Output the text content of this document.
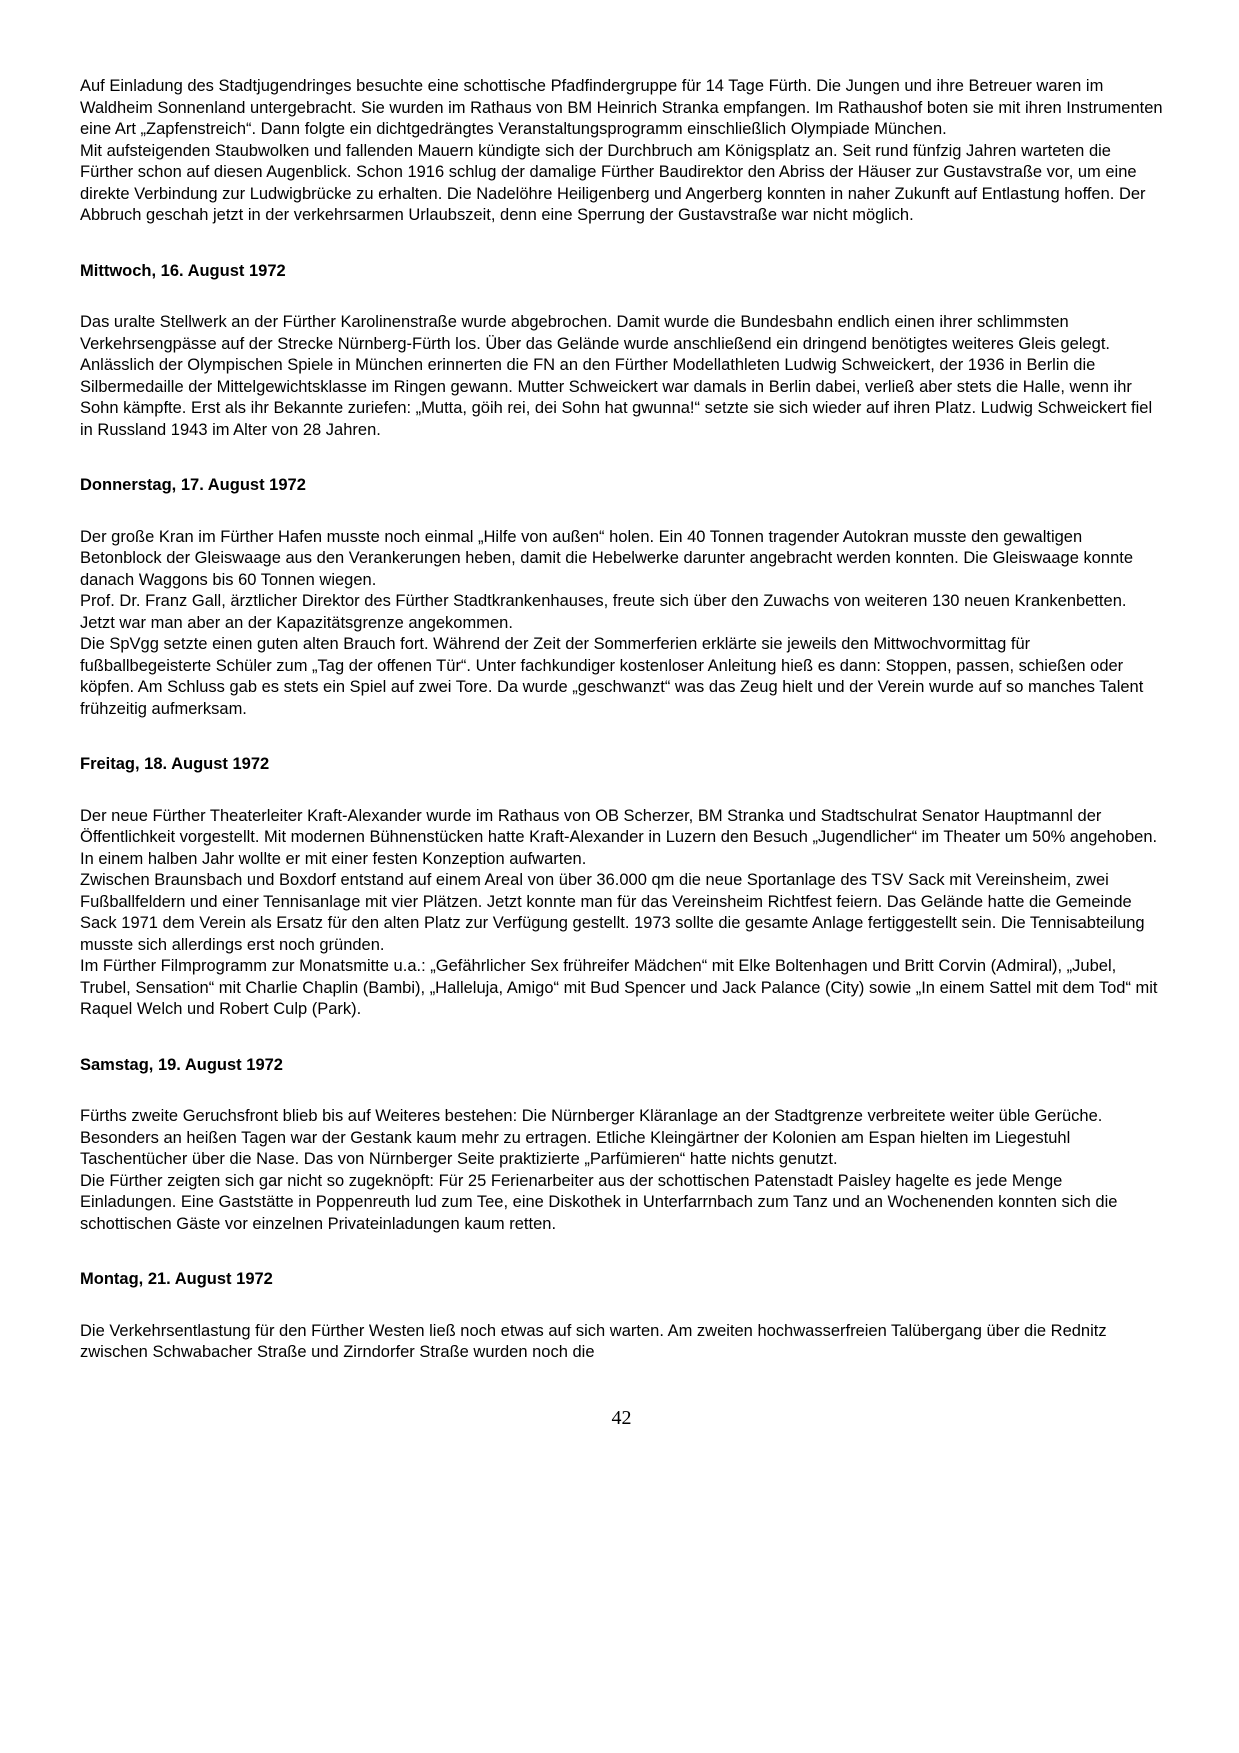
Auf Einladung des Stadtjugendringes besuchte eine schottische Pfadfindergruppe für 14 Tage Fürth. Die Jungen und ihre Betreuer waren im Waldheim Sonnenland untergebracht. Sie wurden im Rathaus von BM Heinrich Stranka empfangen. Im Rathaushof boten sie mit ihren Instrumenten eine Art „Zapfenstreich“. Dann folgte ein dichtgedrängtes Veranstaltungsprogramm einschließlich Olympiade München.

Mit aufsteigenden Staubwolken und fallenden Mauern kündigte sich der Durchbruch am Königsplatz an. Seit rund fünfzig Jahren warteten die Fürther schon auf diesen Augenblick. Schon 1916 schlug der damalige Fürther Baudirektor den Abriss der Häuser zur Gustavstraße vor, um eine direkte Verbindung zur Ludwigbrücke zu erhalten. Die Nadelöhre Heiligenberg und Angerberg konnten in naher Zukunft auf Entlastung hoffen. Der Abbruch geschah jetzt in der verkehrsarmen Urlaubszeit, denn eine Sperrung der Gustavstraße war nicht möglich.

Mittwoch, 16. August 1972

Das uralte Stellwerk an der Fürther Karolinenstraße wurde abgebrochen. Damit wurde die Bundesbahn endlich einen ihrer schlimmsten Verkehrsengpässe auf der Strecke Nürnberg-Fürth los. Über das Gelände wurde anschließend ein dringend benötigtes weiteres Gleis gelegt.

Anlässlich der Olympischen Spiele in München erinnerten die FN an den Fürther Modellathleten Ludwig Schweickert, der 1936 in Berlin die Silbermedaille der Mittelgewichtsklasse im Ringen gewann. Mutter Schweickert war damals in Berlin dabei, verließ aber stets die Halle, wenn ihr Sohn kämpfte. Erst als ihr Bekannte zuriefen: „Mutta, göih rei, dei Sohn hat gwunna!“ setzte sie sich wieder auf ihren Platz. Ludwig Schweickert fiel in Russland 1943 im Alter von 28 Jahren.

Donnerstag, 17. August 1972

Der große Kran im Fürther Hafen musste noch einmal „Hilfe von außen“ holen. Ein 40 Tonnen tragender Autokran musste den gewaltigen Betonblock der Gleiswaage aus den Verankerungen heben, damit die Hebelwerke darunter angebracht werden konnten. Die Gleiswaage konnte danach Waggons bis 60 Tonnen wiegen.

Prof. Dr. Franz Gall, ärztlicher Direktor des Fürther Stadtkrankenhauses, freute sich über den Zuwachs von weiteren 130 neuen Krankenbetten. Jetzt war man aber an der Kapazitätsgrenze angekommen.

Die SpVgg setzte einen guten alten Brauch fort. Während der Zeit der Sommerferien erklärte sie jeweils den Mittwochvormittag für fußballbegeisterte Schüler zum „Tag der offenen Tür“. Unter fachkundiger kostenloser Anleitung hieß es dann: Stoppen, passen, schießen oder köpfen. Am Schluss gab es stets ein Spiel auf zwei Tore. Da wurde „geschwanzt“ was das Zeug hielt und der Verein wurde auf so manches Talent frühzeitig aufmerksam.

Freitag, 18. August 1972

Der neue Fürther Theaterleiter Kraft-Alexander wurde im Rathaus von OB Scherzer, BM Stranka und Stadtschulrat Senator Hauptmannl der Öffentlichkeit vorgestellt. Mit modernen Bühnenstücken hatte Kraft-Alexander in Luzern den Besuch „Jugendlicher“ im Theater um 50% angehoben. In einem halben Jahr wollte er mit einer festen Konzeption aufwarten.

Zwischen Braunsbach und Boxdorf entstand auf einem Areal von über 36.000 qm die neue Sportanlage des TSV Sack mit Vereinsheim, zwei Fußballfeldern und einer Tennisanlage mit vier Plätzen. Jetzt konnte man für das Vereinsheim Richtfest feiern. Das Gelände hatte die Gemeinde Sack 1971 dem Verein als Ersatz für den alten Platz zur Verfügung gestellt. 1973 sollte die gesamte Anlage fertiggestellt sein. Die Tennisabteilung musste sich allerdings erst noch gründen.

Im Fürther Filmprogramm zur Monatsmitte u.a.: „Gefährlicher Sex frühreifer Mädchen“ mit Elke Boltenhagen und Britt Corvin (Admiral), „Jubel, Trubel, Sensation“ mit Charlie Chaplin (Bambi), „Halleluja, Amigo“ mit Bud Spencer und Jack Palance (City) sowie „In einem Sattel mit dem Tod“ mit Raquel Welch und Robert Culp (Park).

Samstag, 19. August 1972

Fürths zweite Geruchsfront blieb bis auf Weiteres bestehen: Die Nürnberger Kläranlage an der Stadtgrenze verbreitete weiter üble Gerüche. Besonders an heißen Tagen war der Gestank kaum mehr zu ertragen. Etliche Kleingärtner der Kolonien am Espan hielten im Liegestuhl Taschentücher über die Nase. Das von Nürnberger Seite praktizierte „Parfümieren“ hatte nichts genutzt.

Die Fürther zeigten sich gar nicht so zugeknöpft: Für 25 Ferienarbeiter aus der schottischen Patenstadt Paisley hagelte es jede Menge Einladungen. Eine Gaststätte in Poppenreuth lud zum Tee, eine Diskothek in Unterfarrnbach zum Tanz und an Wochenenden konnten sich die schottischen Gäste vor einzelnen Privateinladungen kaum retten.

Montag, 21. August 1972

Die Verkehrsentlastung für den Fürther Westen ließ noch etwas auf sich warten. Am zweiten hochwasserfreien Talübergang über die Rednitz zwischen Schwabacher Straße und Zirndorfer Straße wurden noch die

42
